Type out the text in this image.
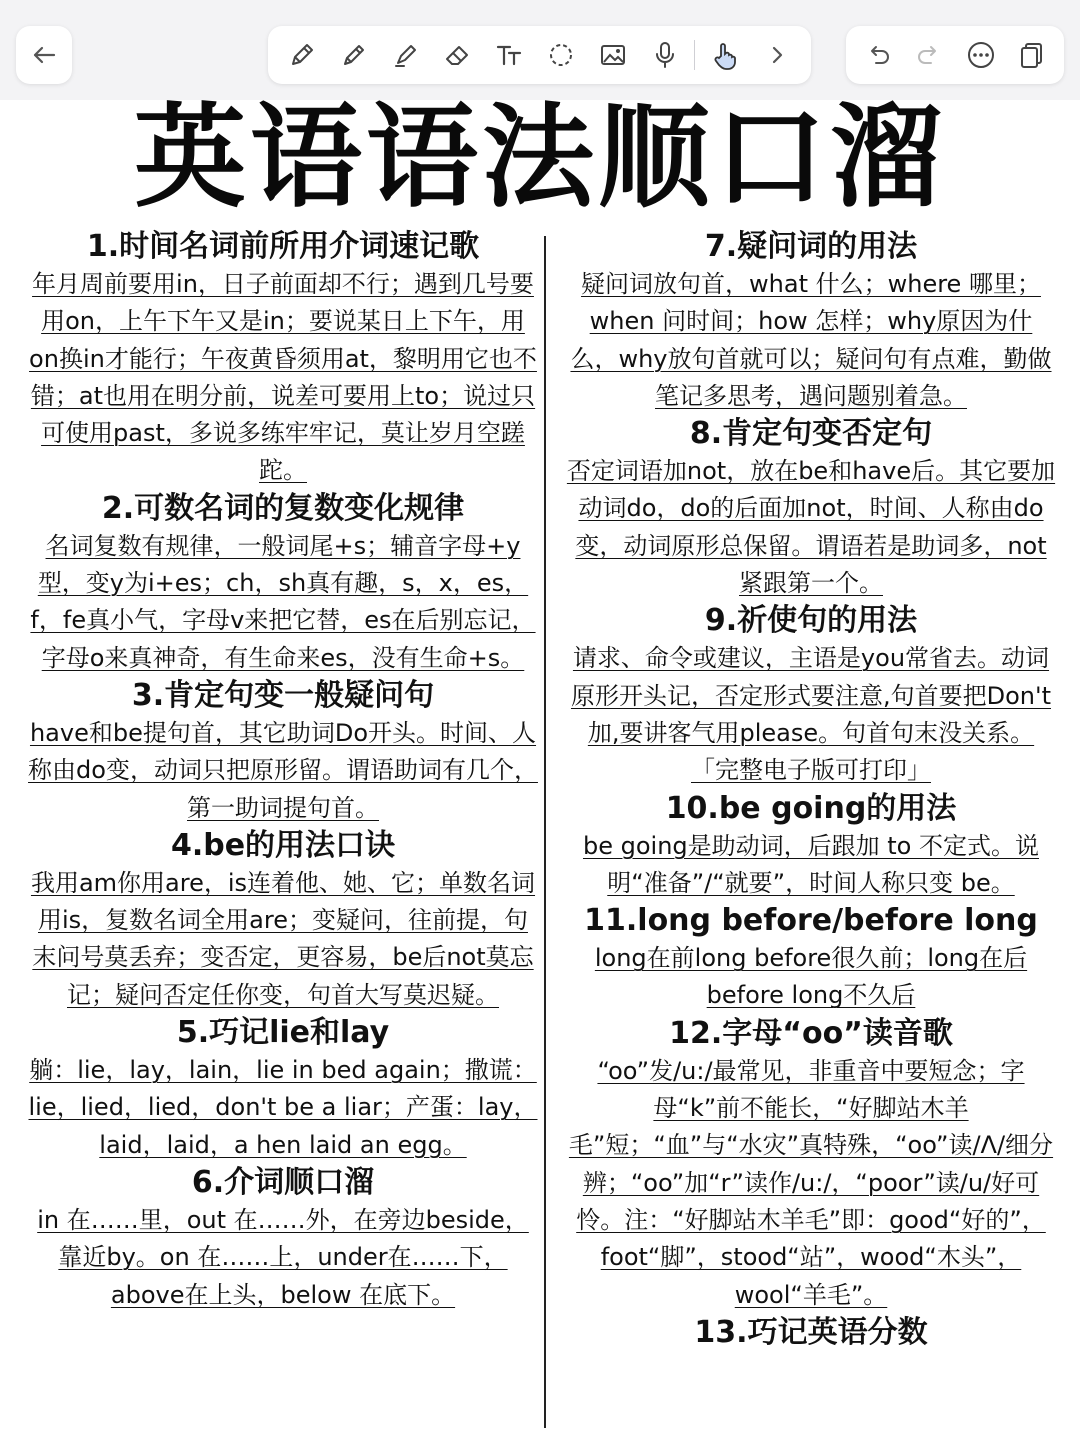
英语语法顺口溜
1.时间名词前所用介词速记歌
年月周前要用in，日子前面却不行；遇到几号要用on，上午下午又是in；要说某日上下午，用on换in才能行；午夜黄昏须用at，黎明用它也不错；at也用在明分前，说差可要用上to；说过只可使用past，多说多练牢牢记，莫让岁月空蹉跎。
2.可数名词的复数变化规律
名词复数有规律，一般词尾+s；辅音字母+y型，变y为i+es；ch，sh真有趣，s，x，es，f，fe真小气，字母v来把它替，es在后别忘记，字母o来真神奇，有生命来es，没有生命+s。
3.肯定句变一般疑问句
have和be提句首，其它助词Do开头。时间、人称由do变，动词只把原形留。谓语助词有几个，第一助词提句首。
4.be的用法口诀
我用am你用are，is连着他、她、它；单数名词用is，复数名词全用are；变疑问，往前提，句末问号莫丢弃；变否定，更容易，be后not莫忘记；疑问否定任你变，句首大写莫迟疑。
5.巧记lie和lay
躺：lie，lay，lain，lie in bed again；撒谎：lie，lied，lied，don't be a liar；产蛋：lay，laid，laid，a hen laid an egg。
6.介词顺口溜
in 在……里，out 在……外，在旁边beside，靠近by。on 在……上，under在……下，above在上头，below 在底下。
7.疑问词的用法
疑问词放句首，what 什么；where 哪里；when 问时间；how 怎样；why原因为什么，why放句首就可以；疑问句有点难，勤做笔记多思考，遇问题别着急。
8.肯定句变否定句
否定词语加not，放在be和have后。其它要加动词do，do的后面加not，时间、人称由do变，动词原形总保留。谓语若是助词多，not紧跟第一个。
9.祈使句的用法
请求、命令或建议，主语是you常省去。动词原形开头记，否定形式要注意,句首要把Don't加,要讲客气用please。句首句末没关系。 「完整电子版可打印」
10.be going的用法
be going是助动词，后跟加 to 不定式。说明“准备”/“就要”，时间人称只变 be。
11.long before/before long
long在前long before很久前；long在后before long不久后
12.字母“oo”读音歌
“oo”发/u:/最常见，非重音中要短念；字母“k”前不能长，“好脚站木羊毛”短；“血”与“水灾”真特殊，“oo”读/Λ/细分辨；“oo”加“r”读作/u:/，“poor”读/u/好可怜。注：“好脚站木羊毛”即：good“好的”，foot“脚”，stood“站”，wood“木头”，wool“羊毛”。
13.巧记英语分数
